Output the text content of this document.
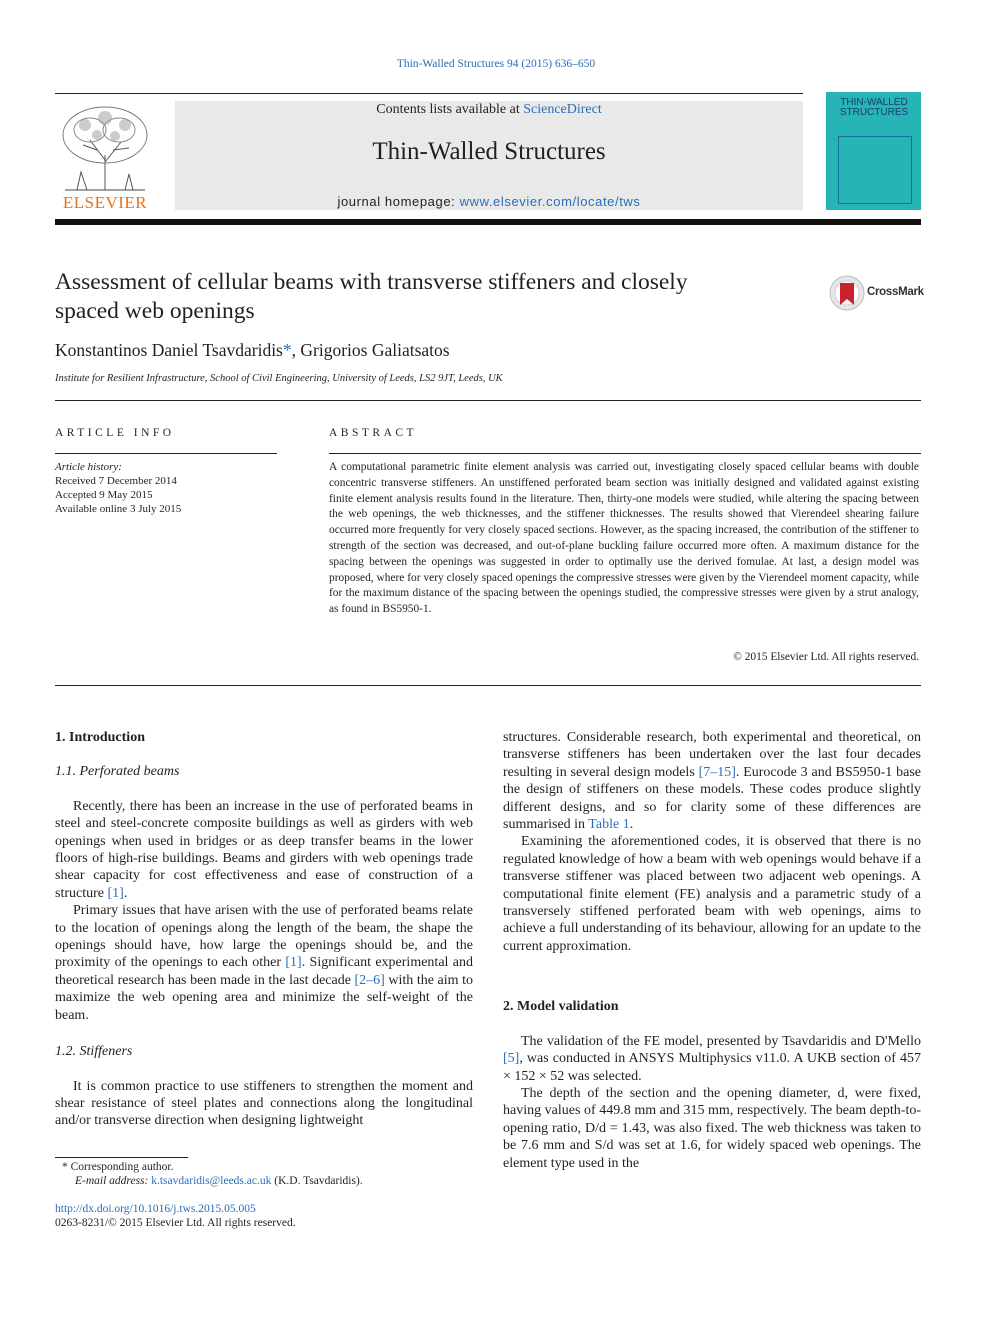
Thin-Walled Structures 94 (2015) 636–650
ELSEVIER
Contents lists available at ScienceDirect
Thin-Walled Structures
journal homepage: www.elsevier.com/locate/tws
THIN-WALLED
STRUCTURES
Assessment of cellular beams with transverse stiffeners and closely
spaced web openings
CrossMark
Konstantinos Daniel Tsavdaridis*, Grigorios Galiatsatos
Institute for Resilient Infrastructure, School of Civil Engineering, University of Leeds, LS2 9JT, Leeds, UK
ARTICLE INFO
Article history:
Received 7 December 2014
Accepted 9 May 2015
Available online 3 July 2015
ABSTRACT
A computational parametric finite element analysis was carried out, investigating closely spaced cellular beams with double concentric transverse stiffeners. An unstiffened perforated beam section was initially designed and validated against existing finite element analysis results found in the literature. Then, thirty-one models were studied, while altering the spacing between the web openings, the web thicknesses, and the stiffener thicknesses. The results showed that Vierendeel shearing failure occurred more frequently for very closely spaced sections. However, as the spacing increased, the contribution of the stiffener to strength of the section was decreased, and out-of-plane buckling failure occurred more often. A maximum distance for the spacing between the openings was suggested in order to optimally use the derived fomulae. At last, a design model was proposed, where for very closely spaced openings the compressive stresses were given by the Vierendeel moment capacity, while for the maximum distance of the spacing between the openings studied, the compressive stresses were given by a strut analogy, as found in BS5950-1.
© 2015 Elsevier Ltd. All rights reserved.
1. Introduction
1.1. Perforated beams

Recently, there has been an increase in the use of perforated beams in steel and steel-concrete composite buildings as well as girders with web openings when used in bridges or as deep transfer beams in the lower floors of high-rise buildings. Beams and girders with web openings trade shear capacity for cost effectiveness and ease of construction of a structure [1].

Primary issues that have arisen with the use of perforated beams relate to the location of openings along the length of the beam, the shape the openings should have, how large the openings should be, and the proximity of the openings to each other [1]. Significant experimental and theoretical research has been made in the last decade [2–6] with the aim to maximize the web opening area and minimize the self-weight of the beam.

1.2. Stiffeners

It is common practice to use stiffeners to strengthen the moment and shear resistance of steel plates and connections along the longitudinal and/or transverse direction when designing lightweight

structures. Considerable research, both experimental and theoretical, on transverse stiffeners has been undertaken over the last four decades resulting in several design models [7–15]. Eurocode 3 and BS5950-1 base the design of stiffeners on these models. These codes produce slightly different designs, and so for clarity some of these differences are summarised in Table 1.

Examining the aforementioned codes, it is observed that there is no regulated knowledge of how a beam with web openings would behave if a transverse stiffener was placed between two adjacent web openings. A computational finite element (FE) analysis and a parametric study of a transversely stiffened perforated beam with web openings, aims to achieve a full understanding of its behaviour, allowing for an update to the current approximation.

2. Model validation

The validation of the FE model, presented by Tsavdaridis and D'Mello [5], was conducted in ANSYS Multiphysics v11.0. A UKB section of 457 × 152 × 52 was selected.

The depth of the section and the opening diameter, d, were fixed, having values of 449.8 mm and 315 mm, respectively. The beam depth-to-opening ratio, D/d = 1.43, was also fixed. The web thickness was taken to be 7.6 mm and S/d was set at 1.6, for widely spaced web openings. The element type used in the

* Corresponding author.
E-mail address: k.tsavdaridis@leeds.ac.uk (K.D. Tsavdaridis).
http://dx.doi.org/10.1016/j.tws.2015.05.005
0263-8231/© 2015 Elsevier Ltd. All rights reserved.
